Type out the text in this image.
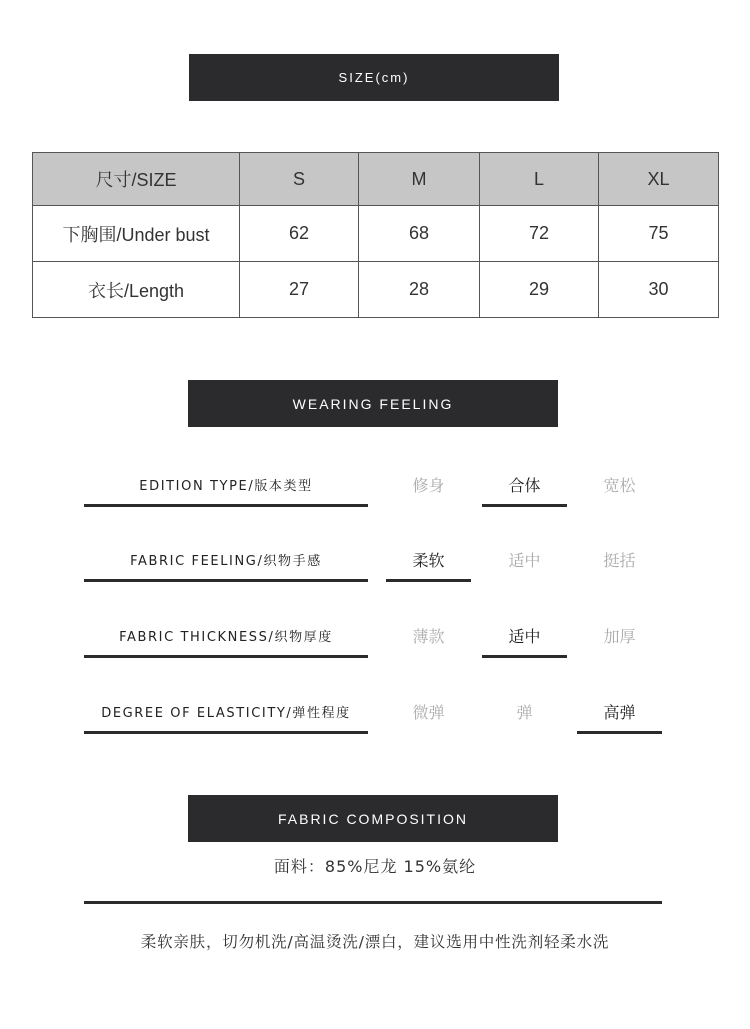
SIZE(cm)
尺寸/SIZE	S	M	L	XL
下胸围/Under bust	62	68	72	75
衣长/Length	27	28	29	30
WEARING FEELING
EDITION TYPE/版本类型	修身	合体	宽松
FABRIC FEELING/织物手感	柔软	适中	挺括
FABRIC THICKNESS/织物厚度	薄款	适中	加厚
DEGREE OF ELASTICITY/弹性程度	微弹	弹	高弹
FABRIC COMPOSITION
面料：85%尼龙 15%氨纶
柔软亲肤，切勿机洗/高温烫洗/漂白，建议选用中性洗剂轻柔水洗
